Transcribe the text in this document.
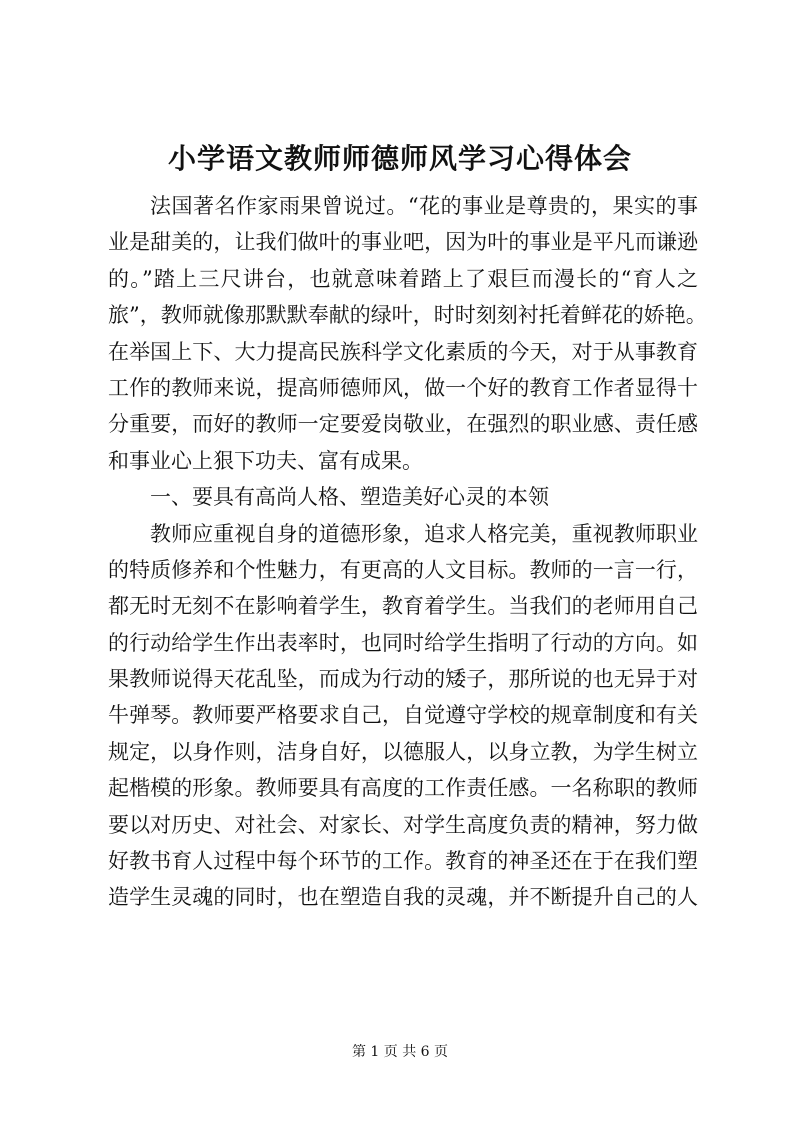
小学语文教师师德师风学习心得体会
法国著名作家雨果曾说过。“花的事业是尊贵的，果实的事
业是甜美的，让我们做叶的事业吧，因为叶的事业是平凡而谦逊
的。”踏上三尺讲台，也就意味着踏上了艰巨而漫长的“育人之
旅”，教师就像那默默奉献的绿叶，时时刻刻衬托着鲜花的娇艳。
在举国上下、大力提高民族科学文化素质的今天，对于从事教育
工作的教师来说，提高师德师风，做一个好的教育工作者显得十
分重要，而好的教师一定要爱岗敬业，在强烈的职业感、责任感
和事业心上狠下功夫、富有成果。
一、要具有高尚人格、塑造美好心灵的本领
教师应重视自身的道德形象，追求人格完美，重视教师职业
的特质修养和个性魅力，有更高的人文目标。教师的一言一行，
都无时无刻不在影响着学生，教育着学生。当我们的老师用自己
的行动给学生作出表率时，也同时给学生指明了行动的方向。如
果教师说得天花乱坠，而成为行动的矮子，那所说的也无异于对
牛弹琴。教师要严格要求自己，自觉遵守学校的规章制度和有关
规定，以身作则，洁身自好，以德服人，以身立教，为学生树立
起楷模的形象。教师要具有高度的工作责任感。一名称职的教师
要以对历史、对社会、对家长、对学生高度负责的精神，努力做
好教书育人过程中每个环节的工作。教育的神圣还在于在我们塑
造学生灵魂的同时，也在塑造自我的灵魂，并不断提升自己的人
第 1 页 共 6 页
